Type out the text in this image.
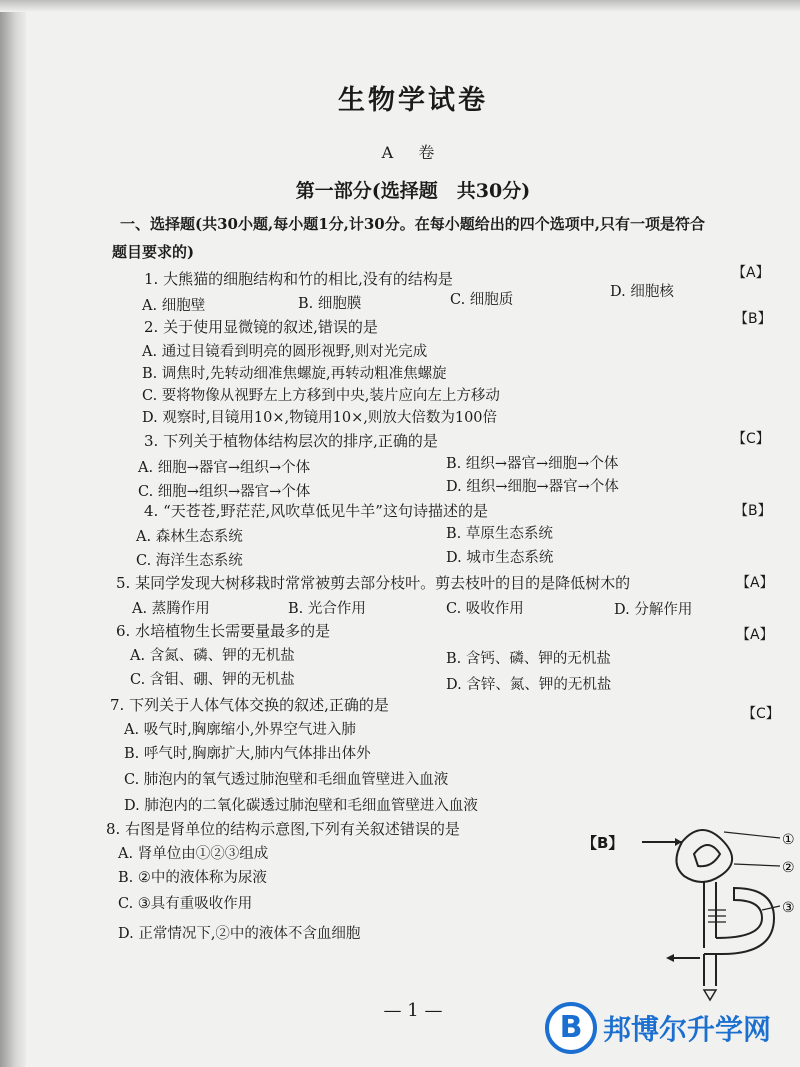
生物学试卷
A 卷
第一部分(选择题　共30分)
一、选择题(共30小题,每小题1分,计30分。在每小题给出的四个选项中,只有一项是符合
题目要求的)
1. 大熊猫的细胞结构和竹的相比,没有的结构是	【A】
A. 细胞壁	B. 细胞膜	C. 细胞质	D. 细胞核
2. 关于使用显微镜的叙述,错误的是	【B】
A. 通过目镜看到明亮的圆形视野,则对光完成
B. 调焦时,先转动细准焦螺旋,再转动粗准焦螺旋
C. 要将物像从视野左上方移到中央,装片应向左上方移动
D. 观察时,目镜用10×,物镜用10×,则放大倍数为100倍
3. 下列关于植物体结构层次的排序,正确的是	【C】
A. 细胞→器官→组织→个体	B. 组织→器官→细胞→个体
C. 细胞→组织→器官→个体	D. 组织→细胞→器官→个体
4. “天苍苍,野茫茫,风吹草低见牛羊”这句诗描述的是	【B】
A. 森林生态系统	B. 草原生态系统
C. 海洋生态系统	D. 城市生态系统
5. 某同学发现大树移栽时常常被剪去部分枝叶。剪去枝叶的目的是降低树木的	【A】
A. 蒸腾作用	B. 光合作用	C. 吸收作用	D. 分解作用
6. 水培植物生长需要量最多的是	【A】
A. 含氮、磷、钾的无机盐	B. 含钙、磷、钾的无机盐
C. 含钼、硼、钾的无机盐	D. 含锌、氮、钾的无机盐
7. 下列关于人体气体交换的叙述,正确的是	【C】
A. 吸气时,胸廓缩小,外界空气进入肺
B. 呼气时,胸廓扩大,肺内气体排出体外
C. 肺泡内的氧气透过肺泡壁和毛细血管壁进入血液
D. 肺泡内的二氧化碳透过肺泡壁和毛细血管壁进入血液
8. 右图是肾单位的结构示意图,下列有关叙述错误的是
【B】
A. 肾单位由①②③组成
B. ②中的液体称为尿液
C. ③具有重吸收作用
D. 正常情况下,②中的液体不含血细胞
①
②
③
— 1 —	B 邦博尔升学网
